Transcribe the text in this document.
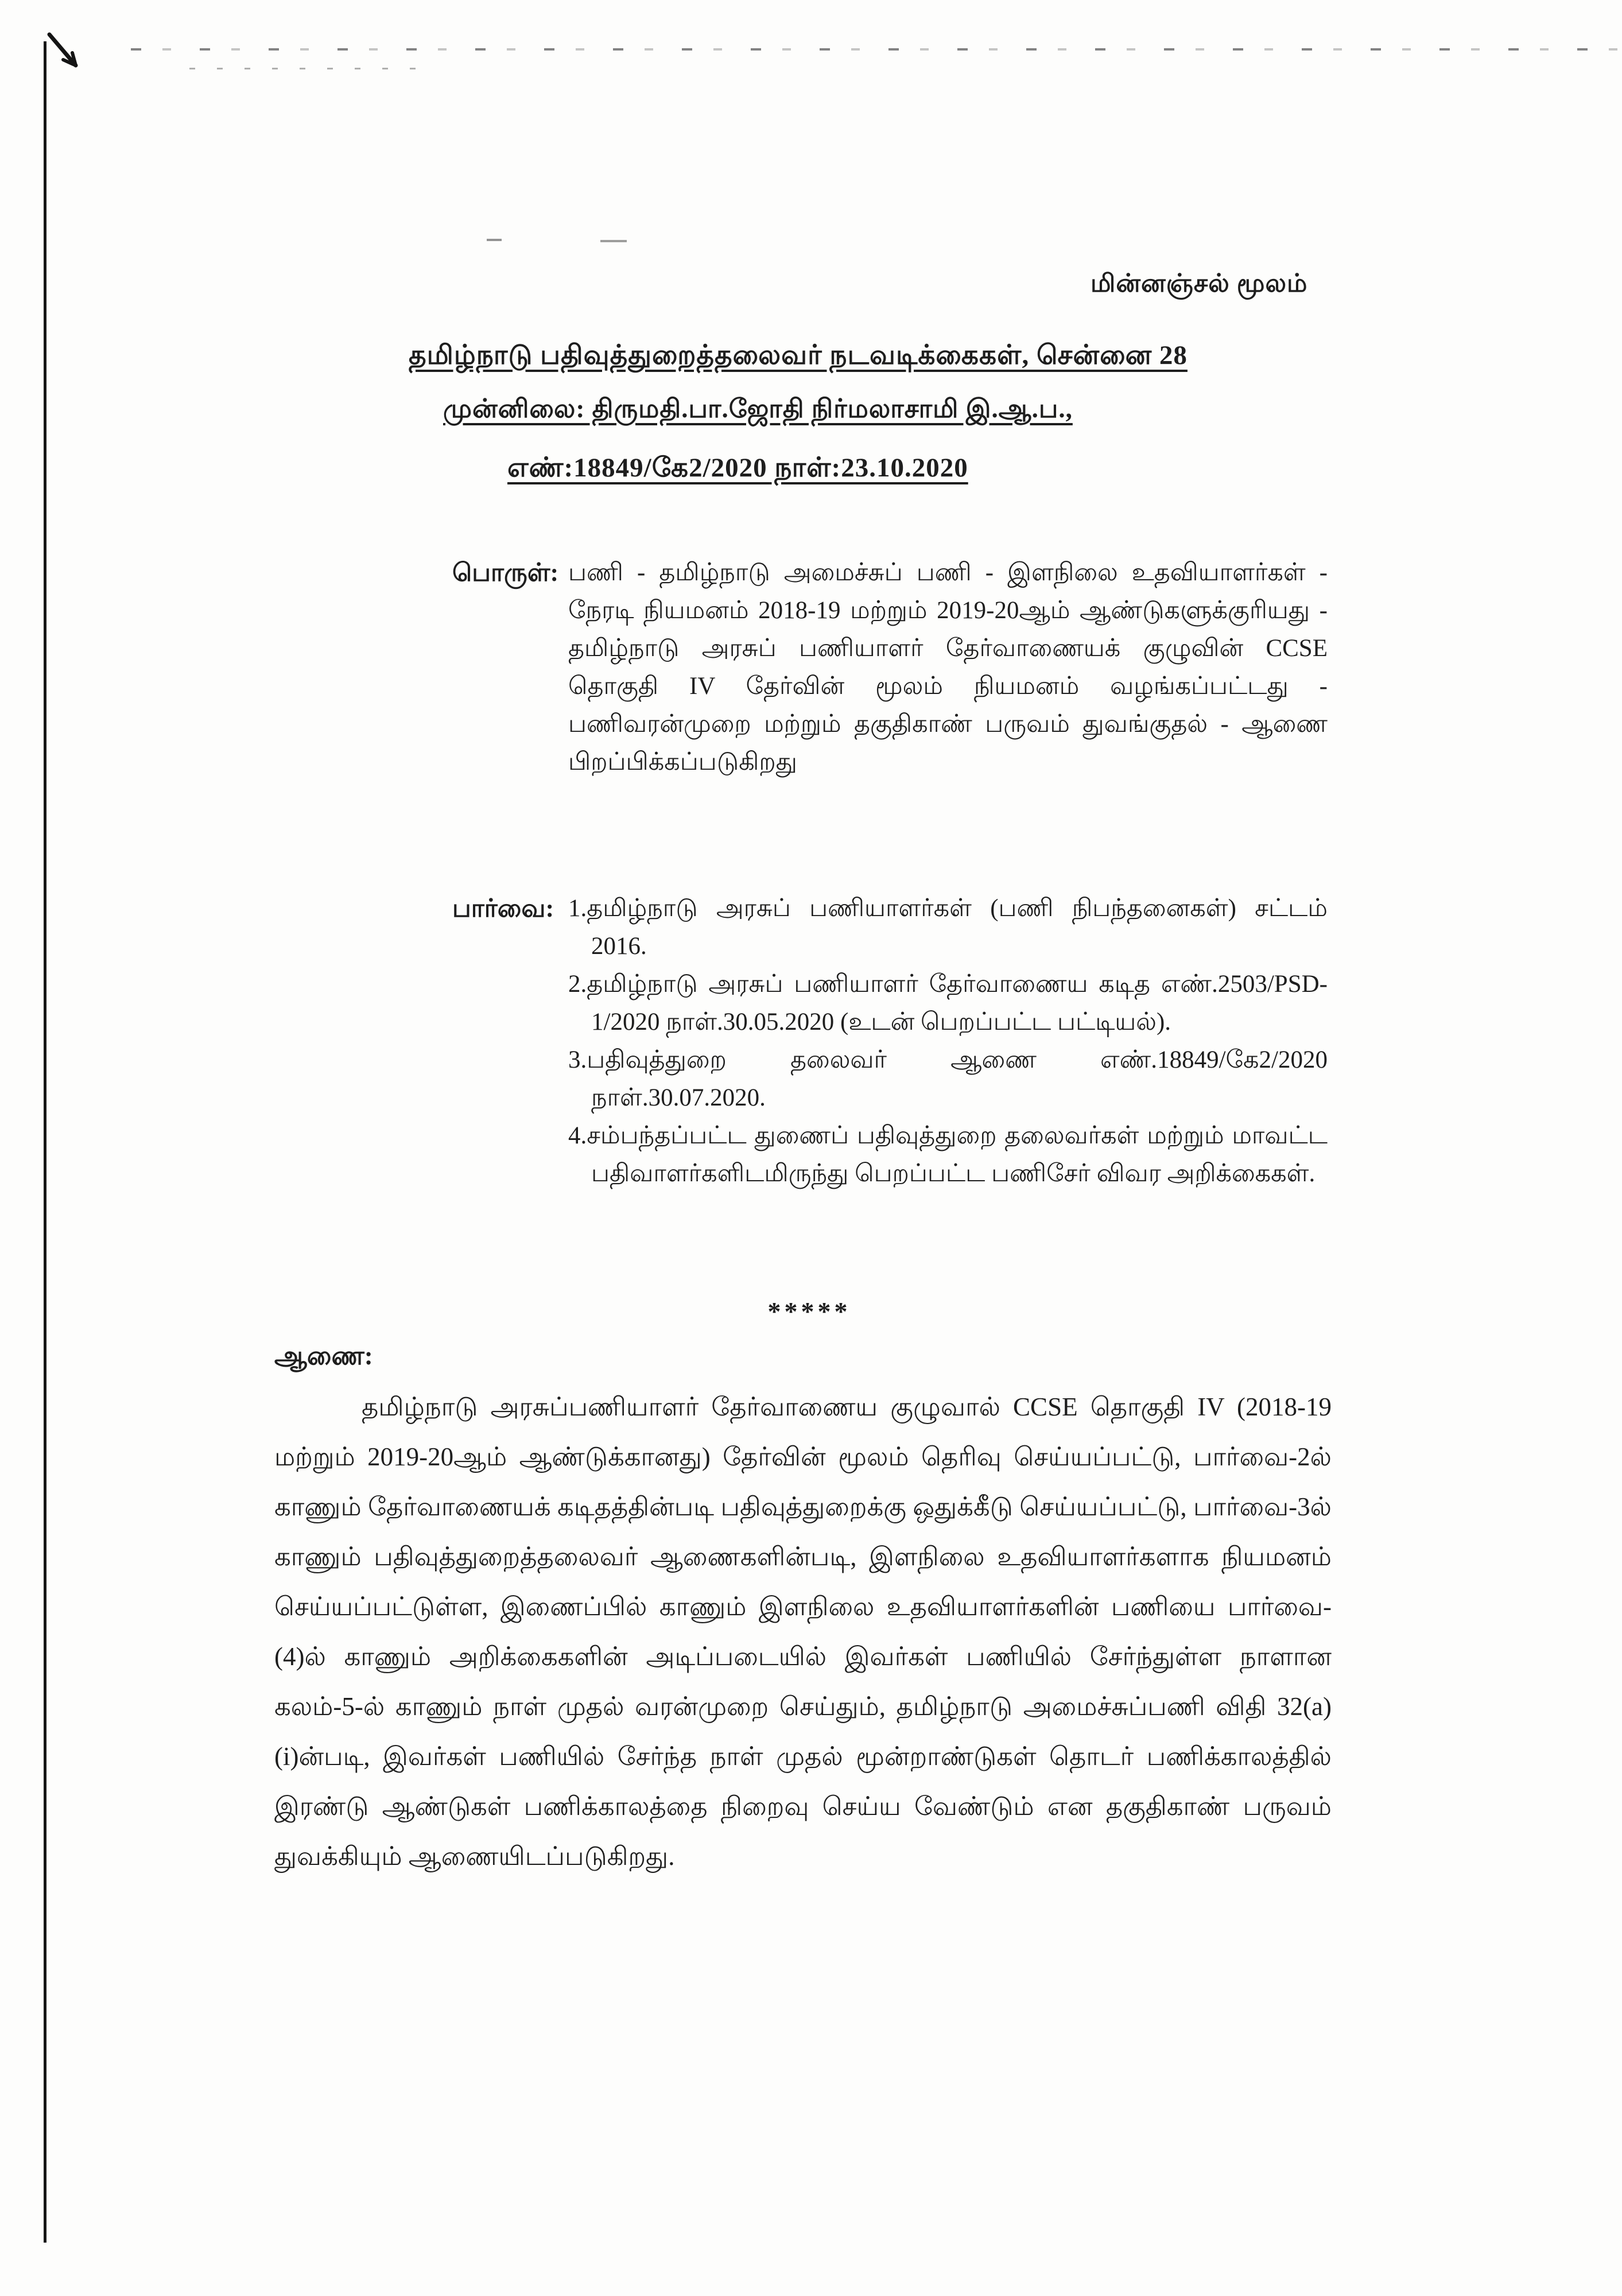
மின்னஞ்சல் மூலம்
தமிழ்நாடு பதிவுத்துறைத்தலைவர் நடவடிக்கைகள், சென்னை 28
முன்னிலை: திருமதி.பா.ஜோதி நிர்மலாசாமி இ.ஆ.ப.,
எண்:18849/கே2/2020 நாள்:23.10.2020
பொருள்: பணி - தமிழ்நாடு அமைச்சுப் பணி - இளநிலை உதவியாளர்கள் - நேரடி நியமனம் 2018-19 மற்றும் 2019-20ஆம் ஆண்டுகளுக்குரியது - தமிழ்நாடு அரசுப் பணியாளர் தேர்வாணையக் குழுவின் CCSE தொகுதி IV தேர்வின் மூலம் நியமனம் வழங்கப்பட்டது - பணிவரன்முறை மற்றும் தகுதிகாண் பருவம் துவங்குதல் - ஆணை பிறப்பிக்கப்படுகிறது
பார்வை: 1.தமிழ்நாடு அரசுப் பணியாளர்கள் (பணி நிபந்தனைகள்) சட்டம் 2016.
2.தமிழ்நாடு அரசுப் பணியாளர் தேர்வாணைய கடித எண்.2503/PSD-1/2020 நாள்.30.05.2020 (உடன் பெறப்பட்ட பட்டியல்).
3.பதிவுத்துறை தலைவர் ஆணை எண்.18849/கே2/2020 நாள்.30.07.2020.
4.சம்பந்தப்பட்ட துணைப் பதிவுத்துறை தலைவர்கள் மற்றும் மாவட்ட பதிவாளர்களிடமிருந்து பெறப்பட்ட பணிசேர் விவர அறிக்கைகள்.
*****
ஆணை:
தமிழ்நாடு அரசுப்பணியாளர் தேர்வாணைய குழுவால் CCSE தொகுதி IV (2018-19 மற்றும் 2019-20ஆம் ஆண்டுக்கானது) தேர்வின் மூலம் தெரிவு செய்யப்பட்டு, பார்வை-2ல் காணும் தேர்வாணையக் கடிதத்தின்படி பதிவுத்துறைக்கு ஒதுக்கீடு செய்யப்பட்டு, பார்வை-3ல் காணும் பதிவுத்துறைத்தலைவர் ஆணைகளின்படி, இளநிலை உதவியாளர்களாக நியமனம் செய்யப்பட்டுள்ள, இணைப்பில் காணும் இளநிலை உதவியாளர்களின் பணியை பார்வை-(4)ல் காணும் அறிக்கைகளின் அடிப்படையில் இவர்கள் பணியில் சேர்ந்துள்ள நாளான கலம்-5-ல் காணும் நாள் முதல் வரன்முறை செய்தும், தமிழ்நாடு அமைச்சுப்பணி விதி 32(a)(i)ன்படி, இவர்கள் பணியில் சேர்ந்த நாள் முதல் மூன்றாண்டுகள் தொடர் பணிக்காலத்தில் இரண்டு ஆண்டுகள் பணிக்காலத்தை நிறைவு செய்ய வேண்டும் என தகுதிகாண் பருவம் துவக்கியும் ஆணையிடப்படுகிறது.
